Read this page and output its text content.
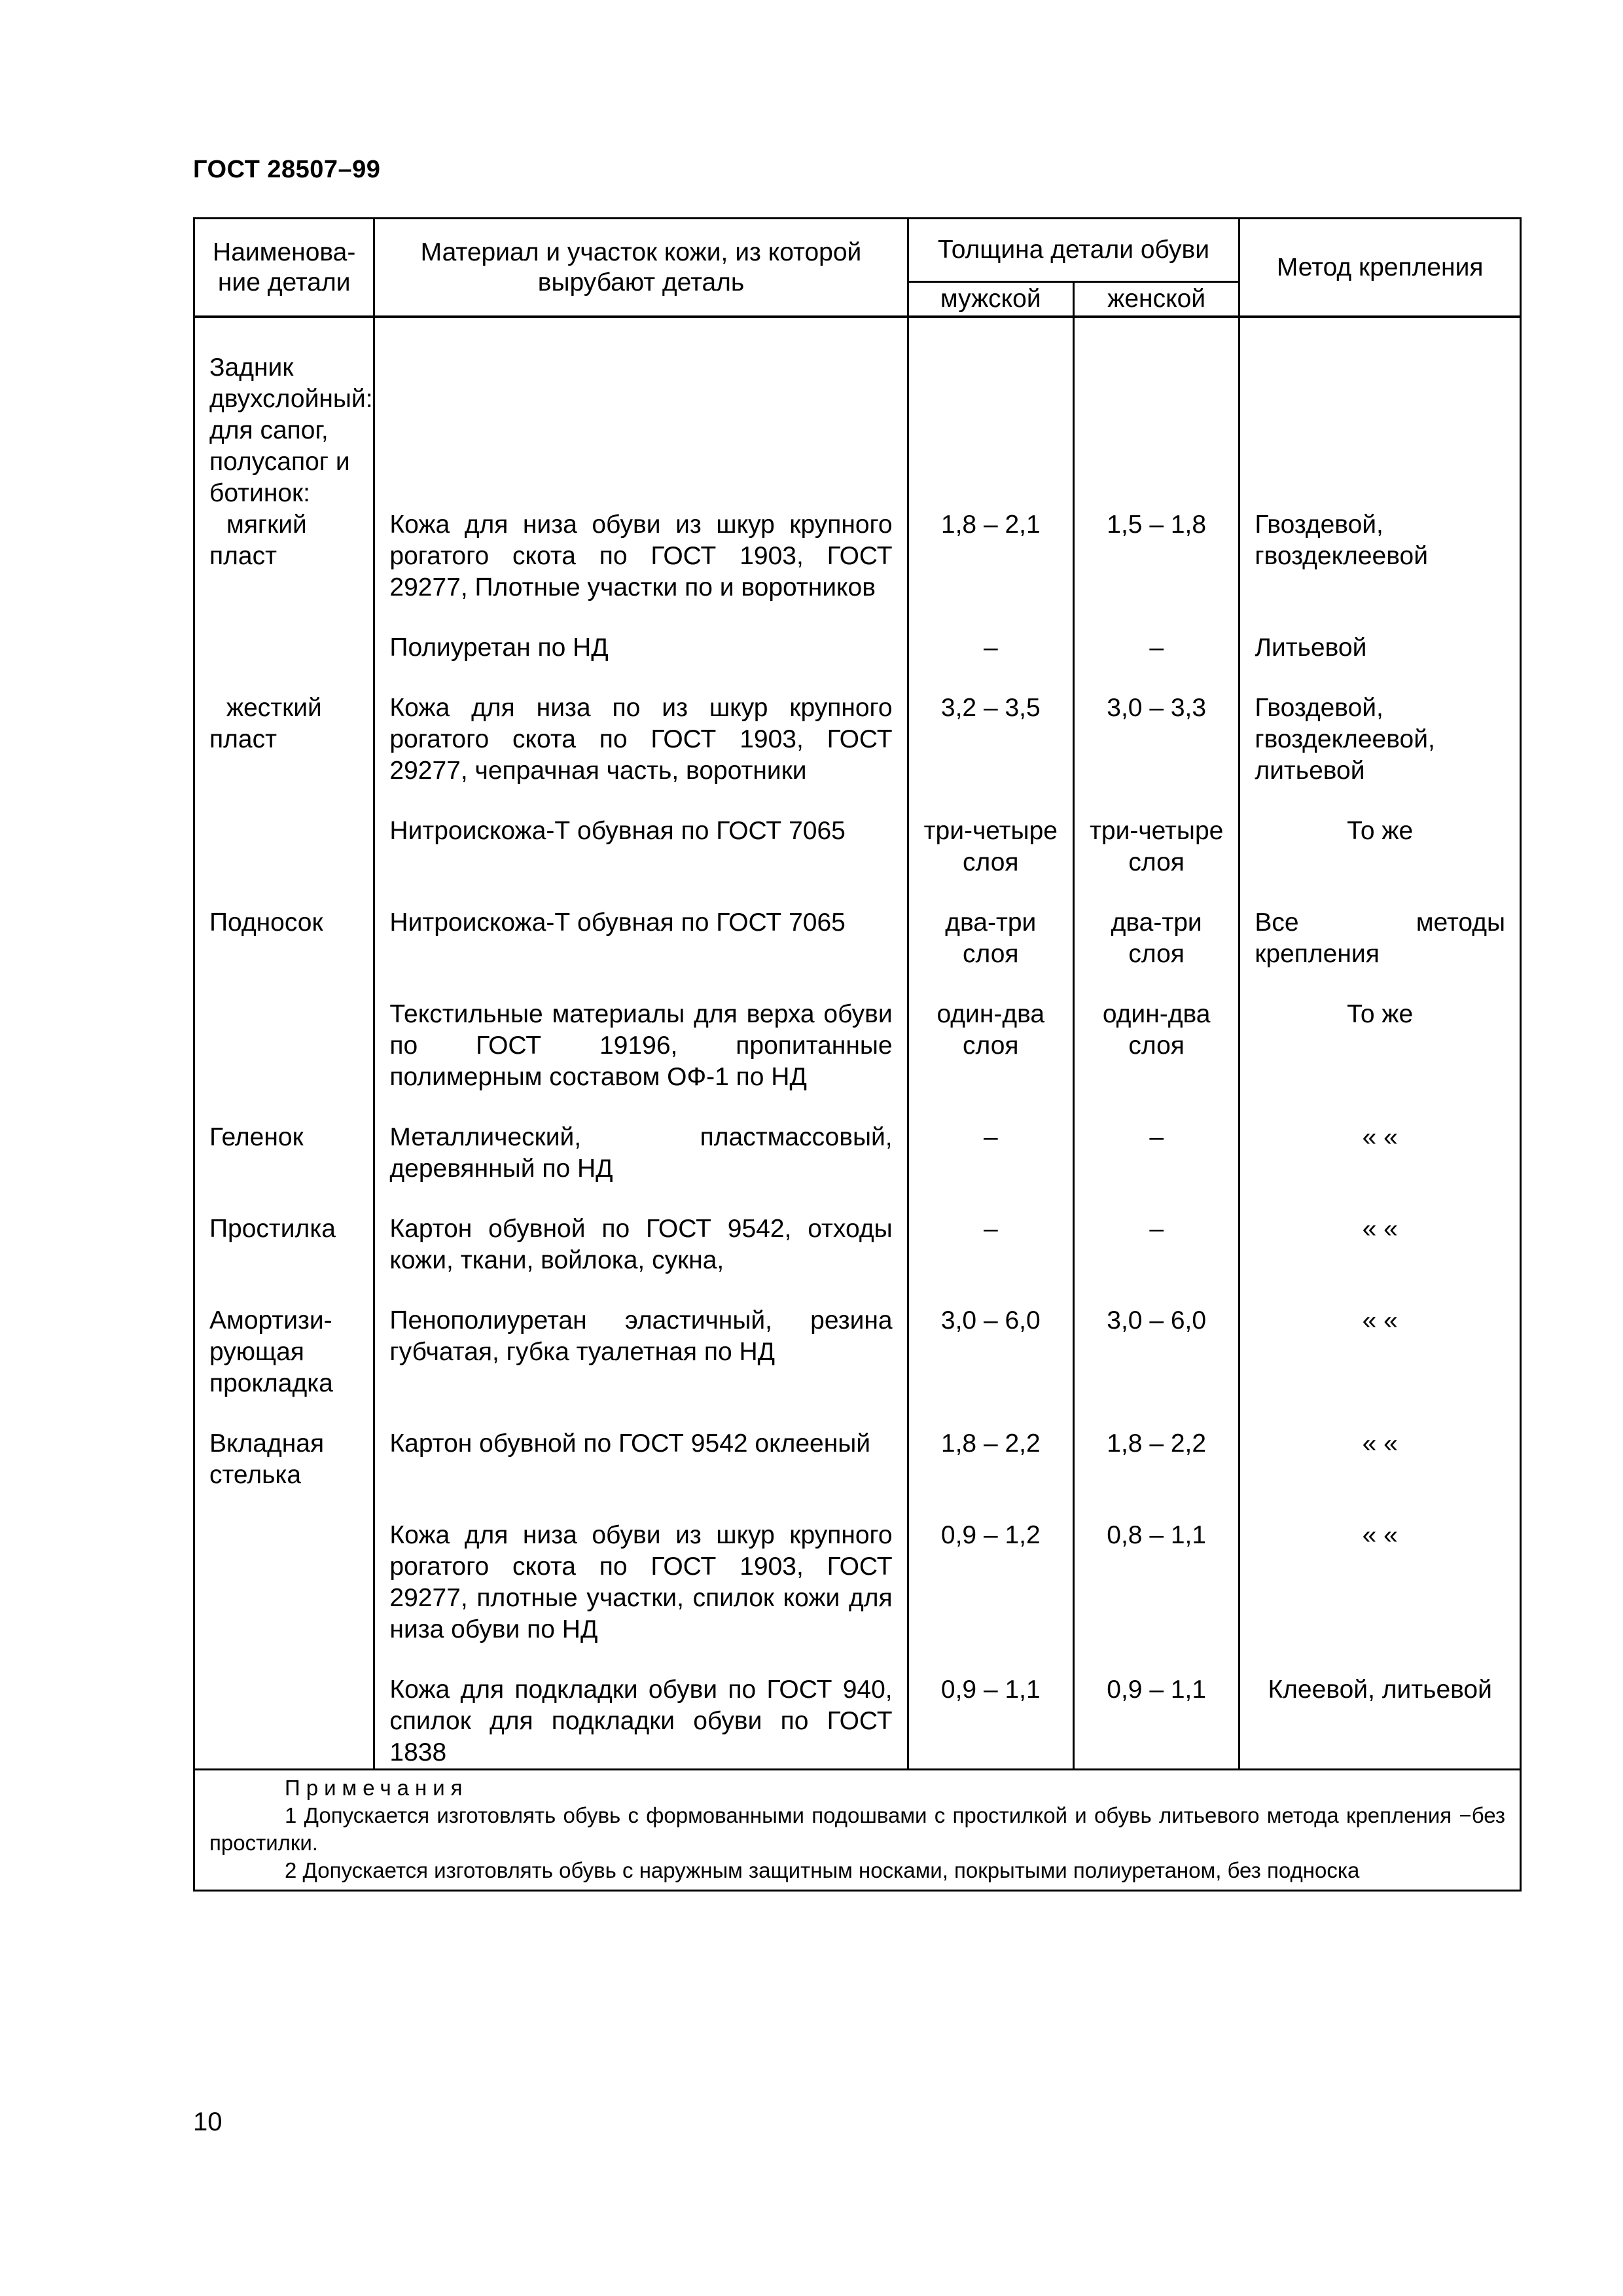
ГОСТ 28507–99
Наименова-ние детали	Материал и участок кожи, из которой вырубают деталь	Толщина детали обуви		Метод крепления
		мужской	женской	

Задник
двухслойный:
для сапог,
полусапог и
ботинок:				

мягкий
пласт	Кожа для низа обуви из шкур крупного рогатого скота по ГОСТ 1903, ГОСТ 29277, Плотные участки по и воротников	1,8 – 2,1	1,5 – 1,8	Гвоздевой, гвоздеклеевой

	Полиуретан по НД	–	–	Литьевой

жесткий
пласт	Кожа для низа по из шкур крупного рогатого скота по ГОСТ 1903, ГОСТ 29277, чепрачная часть, воротники	3,2 – 3,5	3,0 – 3,3	Гвоздевой, гвоздеклеевой, литьевой

	Нитроискожа-Т обувная по ГОСТ 7065	три-четыре слоя	три-четыре слоя	То же

Подносок	Нитроискожа-Т обувная по ГОСТ 7065	два-три слоя	два-три слоя	Все методы крепления

	Текстильные материалы для верха обуви по ГОСТ 19196, пропитанные полимерным составом ОФ-1 по НД	один-два слоя	один-два слоя	То же

Геленок	Металлический, пластмассовый, деревянный по НД	–	–	« «

Простилка	Картон обувной по ГОСТ 9542, отходы кожи, ткани, войлока, сукна,	–	–	« «

Амортизи-
рующая
прокладка	Пенополиуретан эластичный, резина губчатая, губка туалетная по НД	3,0 – 6,0	3,0 – 6,0	« «

Вкладная
стелька	Картон обувной по ГОСТ 9542 оклееный	1,8 – 2,2	1,8 – 2,2	« «

	Кожа для низа обуви из шкур крупного рогатого скота по ГОСТ 1903, ГОСТ 29277, плотные участки, спилок кожи для низа обуви по НД	0,9 – 1,2	0,8 – 1,1	« «

	Кожа для подкладки обуви по ГОСТ 940, спилок для подкладки обуви по ГОСТ 1838	0,9 – 1,1	0,9 – 1,1	Клеевой, литьевой

Примечания
1 Допускается изготовлять обувь с формованными подошвами с простилкой и обувь литьевого метода крепления −без простилки.
2 Допускается изготовлять обувь с наружным защитным носками, покрытыми полиуретаном, без подноска				
10
